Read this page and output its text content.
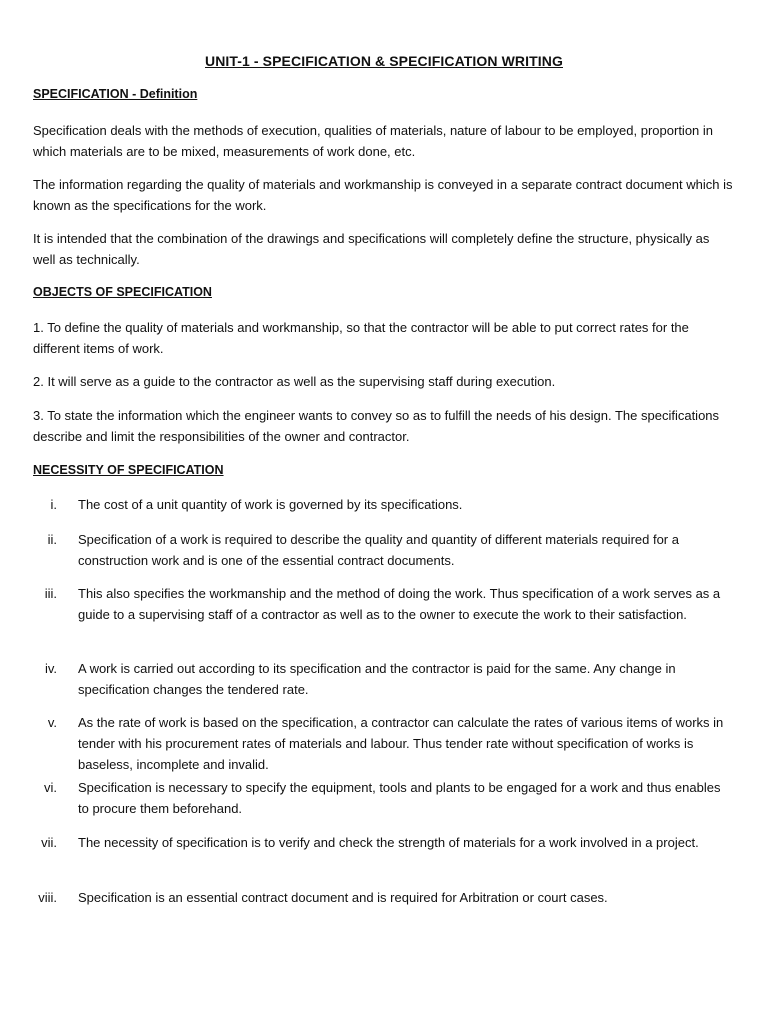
UNIT-1 - SPECIFICATION & SPECIFICATION WRITING
SPECIFICATION - Definition
Specification deals with the methods of execution, qualities of materials, nature of labour to be employed, proportion in which materials are to be mixed, measurements of work done, etc.
The information regarding the quality of materials and workmanship is conveyed in a separate contract document which is known as the specifications for the work.
It is intended that the combination of the drawings and specifications will completely define the structure, physically as well as technically.
OBJECTS OF SPECIFICATION
1. To define the quality of materials and workmanship, so that the contractor will be able to put correct rates for the different items of work.
2. It will serve as a guide to the contractor as well as the supervising staff during execution.
3. To state the information which the engineer wants to convey so as to fulfill the needs of his design. The specifications describe and limit the responsibilities of the owner and contractor.
NECESSITY OF SPECIFICATION
i. The cost of a unit quantity of work is governed by its specifications.
ii. Specification of a work is required to describe the quality and quantity of different materials required for a construction work and is one of the essential contract documents.
iii. This also specifies the workmanship and the method of doing the work. Thus specification of a work serves as a guide to a supervising staff of a contractor as well as to the owner to execute the work to their satisfaction.
iv. A work is carried out according to its specification and the contractor is paid for the same. Any change in specification changes the tendered rate.
v. As the rate of work is based on the specification, a contractor can calculate the rates of various items of works in tender with his procurement rates of materials and labour. Thus tender rate without specification of works is baseless, incomplete and invalid.
vi. Specification is necessary to specify the equipment, tools and plants to be engaged for a work and thus enables to procure them beforehand.
vii. The necessity of specification is to verify and check the strength of materials for a work involved in a project.
viii. Specification is an essential contract document and is required for Arbitration or court cases.
